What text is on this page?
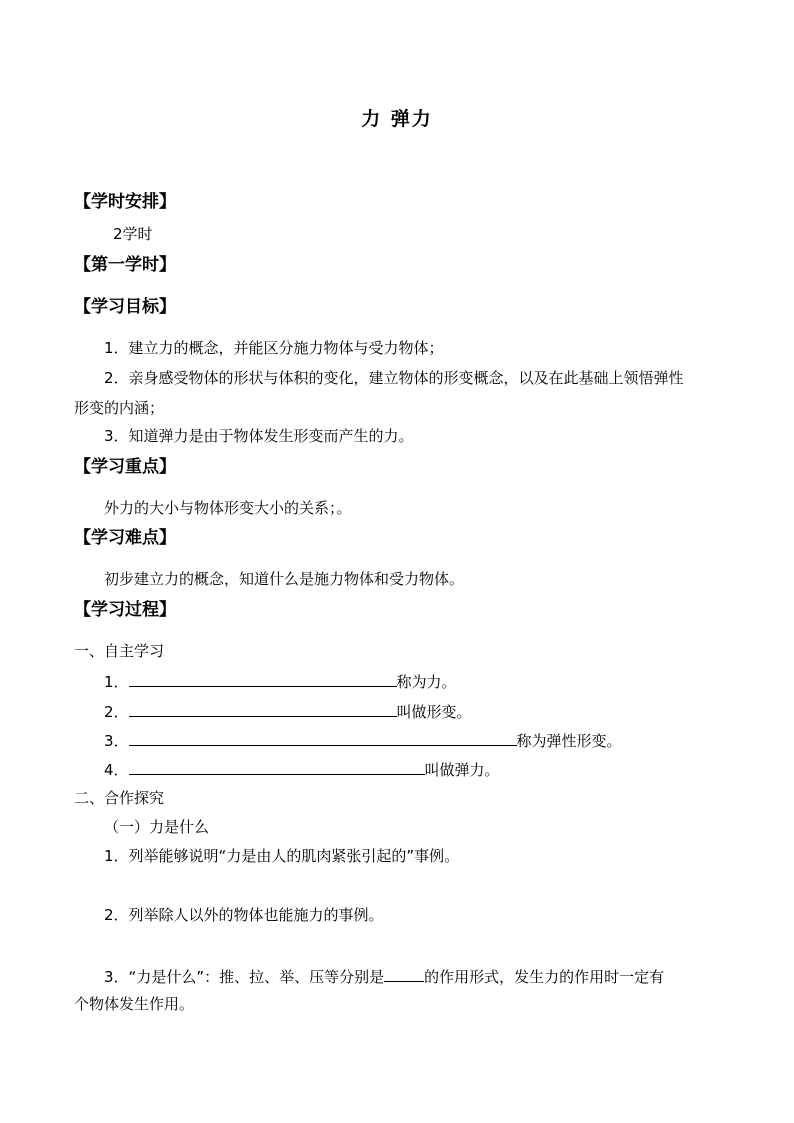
力 弹力
【学时安排】
2学时
【第一学时】
【学习目标】
1．建立力的概念，并能区分施力物体与受力物体；
2．亲身感受物体的形状与体积的变化，建立物体的形变概念，以及在此基础上领悟弹性
形变的内涵；
3．知道弹力是由于物体发生形变而产生的力。
【学习重点】
外力的大小与物体形变大小的关系；。
【学习难点】
初步建立力的概念，知道什么是施力物体和受力物体。
【学习过程】
一、自主学习
1．	称为力。
2．	叫做形变。
3．	称为弹性形变。
4．	叫做弹力。
二、合作探究
（一）力是什么
1．列举能够说明“力是由人的肌肉紧张引起的”事例。
2．列举除人以外的物体也能施力的事例。
3．“力是什么”：推、拉、举、压等分别是	的作用形式，发生力的作用时一定有
个物体发生作用。
